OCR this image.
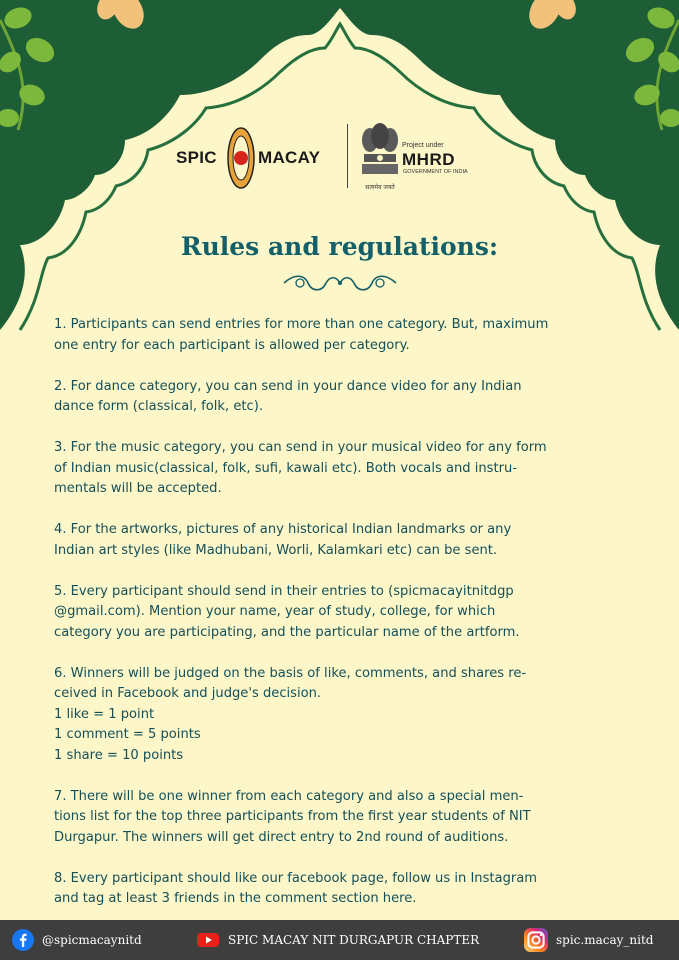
SPIC MACAY
सत्यमेव जयते
Project under
MHRD
GOVERNMENT OF INDIA
Rules and regulations:
1. Participants can send entries for more than one category. But, maximum
one entry for each participant is allowed per category.
2. For dance category, you can send in your dance video for any Indian
dance form (classical, folk, etc).
3. For the music category, you can send in your musical video for any form
of Indian music(classical, folk, sufi, kawali etc). Both vocals and instru-
mentals will be accepted.
4. For the artworks, pictures of any historical Indian landmarks or any
Indian art styles (like Madhubani, Worli, Kalamkari etc) can be sent.
5. Every participant should send in their entries to (spicmacayitnitdgp
@gmail.com). Mention your name, year of study, college, for which
category you are participating, and the particular name of the artform.
6. Winners will be judged on the basis of like, comments, and shares re-
ceived in Facebook and judge's decision.
1 like = 1 point
1 comment = 5 points
1 share = 10 points
7. There will be one winner from each category and also a special men-
tions list for the top three participants from the first year students of NIT
Durgapur. The winners will get direct entry to 2nd round of auditions.
8. Every participant should like our facebook page, follow us in Instagram
and tag at least 3 friends in the comment section here.
@spicmacaynitd	SPIC MACAY NIT DURGAPUR CHAPTER	spic.macay_nitd
